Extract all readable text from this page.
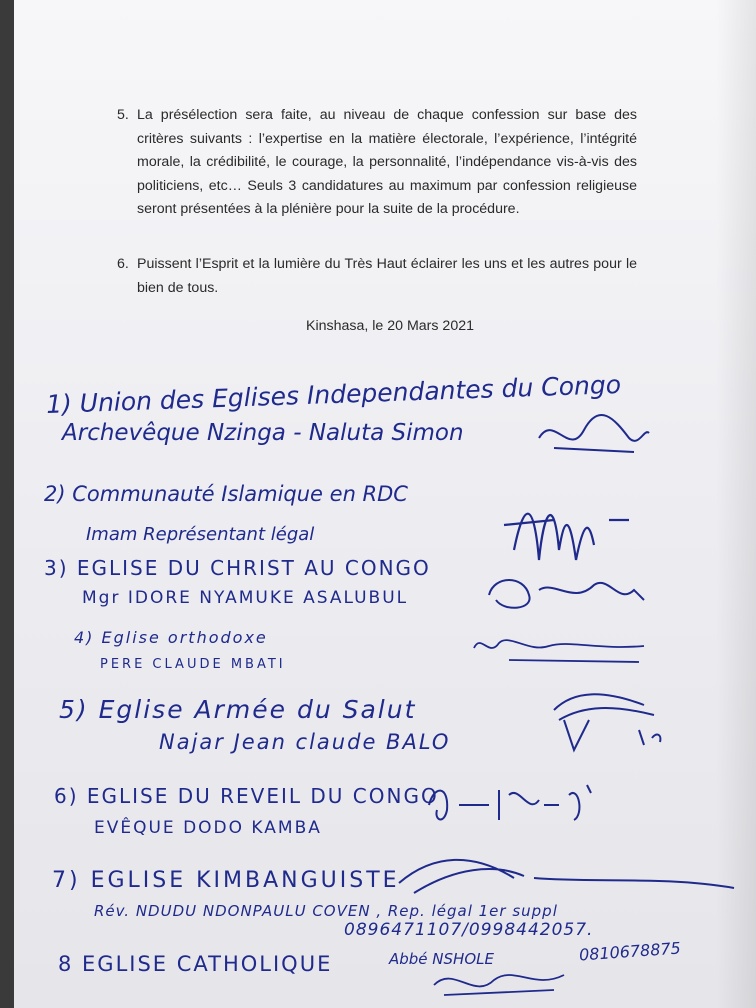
5. La présélection sera faite, au niveau de chaque confession sur base des critères suivants : l’expertise en la matière électorale, l’expérience, l’intégrité morale, la crédibilité, le courage, la personnalité, l’indépendance vis-à-vis des politiciens, etc… Seuls 3 candidatures au maximum par confession religieuse seront présentées à la plénière pour la suite de la procédure.
6. Puissent l’Esprit et la lumière du Très Haut éclairer les uns et les autres pour le bien de tous.
Kinshasa, le 20 Mars 2021
1) Union des Eglises Independantes du Congo
Archevêque Nzinga - Naluta Simon
2) Communauté Islamique en RDC
Imam Représentant légal
3) EGLISE DU CHRIST AU CONGO
Mgr IDORE NYAMUKE ASALUBUL
4) Eglise orthodoxe
PERE CLAUDE MBATI
5) Eglise Armée du Salut
Najar Jean claude BALO
6) EGLISE DU REVEIL DU CONGO
EVÊQUE DODO KAMBA
7) EGLISE KIMBANGUISTE
Rév. NDUDU NDONPAULU COVEN , Rep. légal 1er suppl
0896471107/0998442057.
8 EGLISE CATHOLIQUE	Abbé NSHOLE	0810678875
